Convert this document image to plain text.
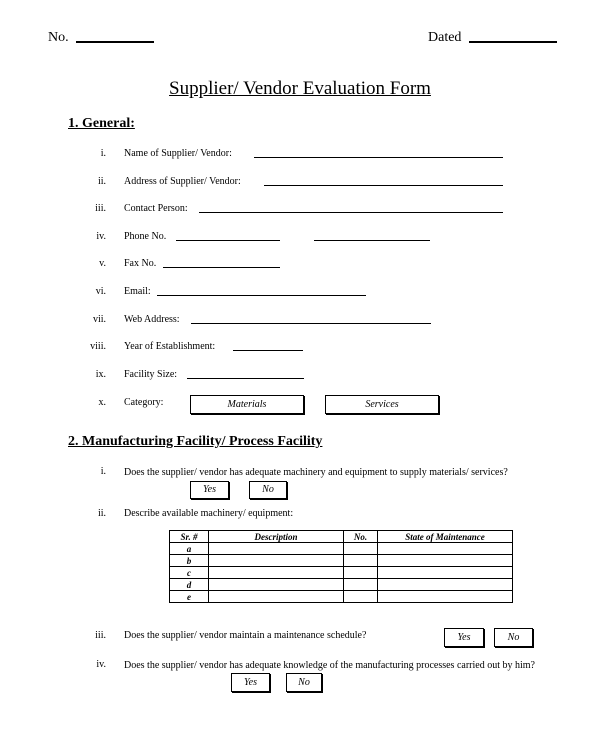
No.	Dated
Supplier/ Vendor Evaluation Form
1. General:
i. Name of Supplier/ Vendor:
ii. Address of Supplier/ Vendor:
iii. Contact Person:
iv. Phone No.
v. Fax No.
vi. Email:
vii. Web Address:
viii. Year of Establishment:
ix. Facility Size:
x. Category:	Materials	Services
2. Manufacturing Facility/ Process Facility
i. Does the supplier/ vendor has adequate machinery and equipment to supply materials/ services?
Yes	No
ii. Describe available machinery/ equipment:
Sr. #	Description	No.	State of Maintenance
a			
b			
c			
d			
e			
iii. Does the supplier/ vendor maintain a maintenance schedule?	Yes	No
iv. Does the supplier/ vendor has adequate knowledge of the manufacturing processes carried out by him?
Yes	No
